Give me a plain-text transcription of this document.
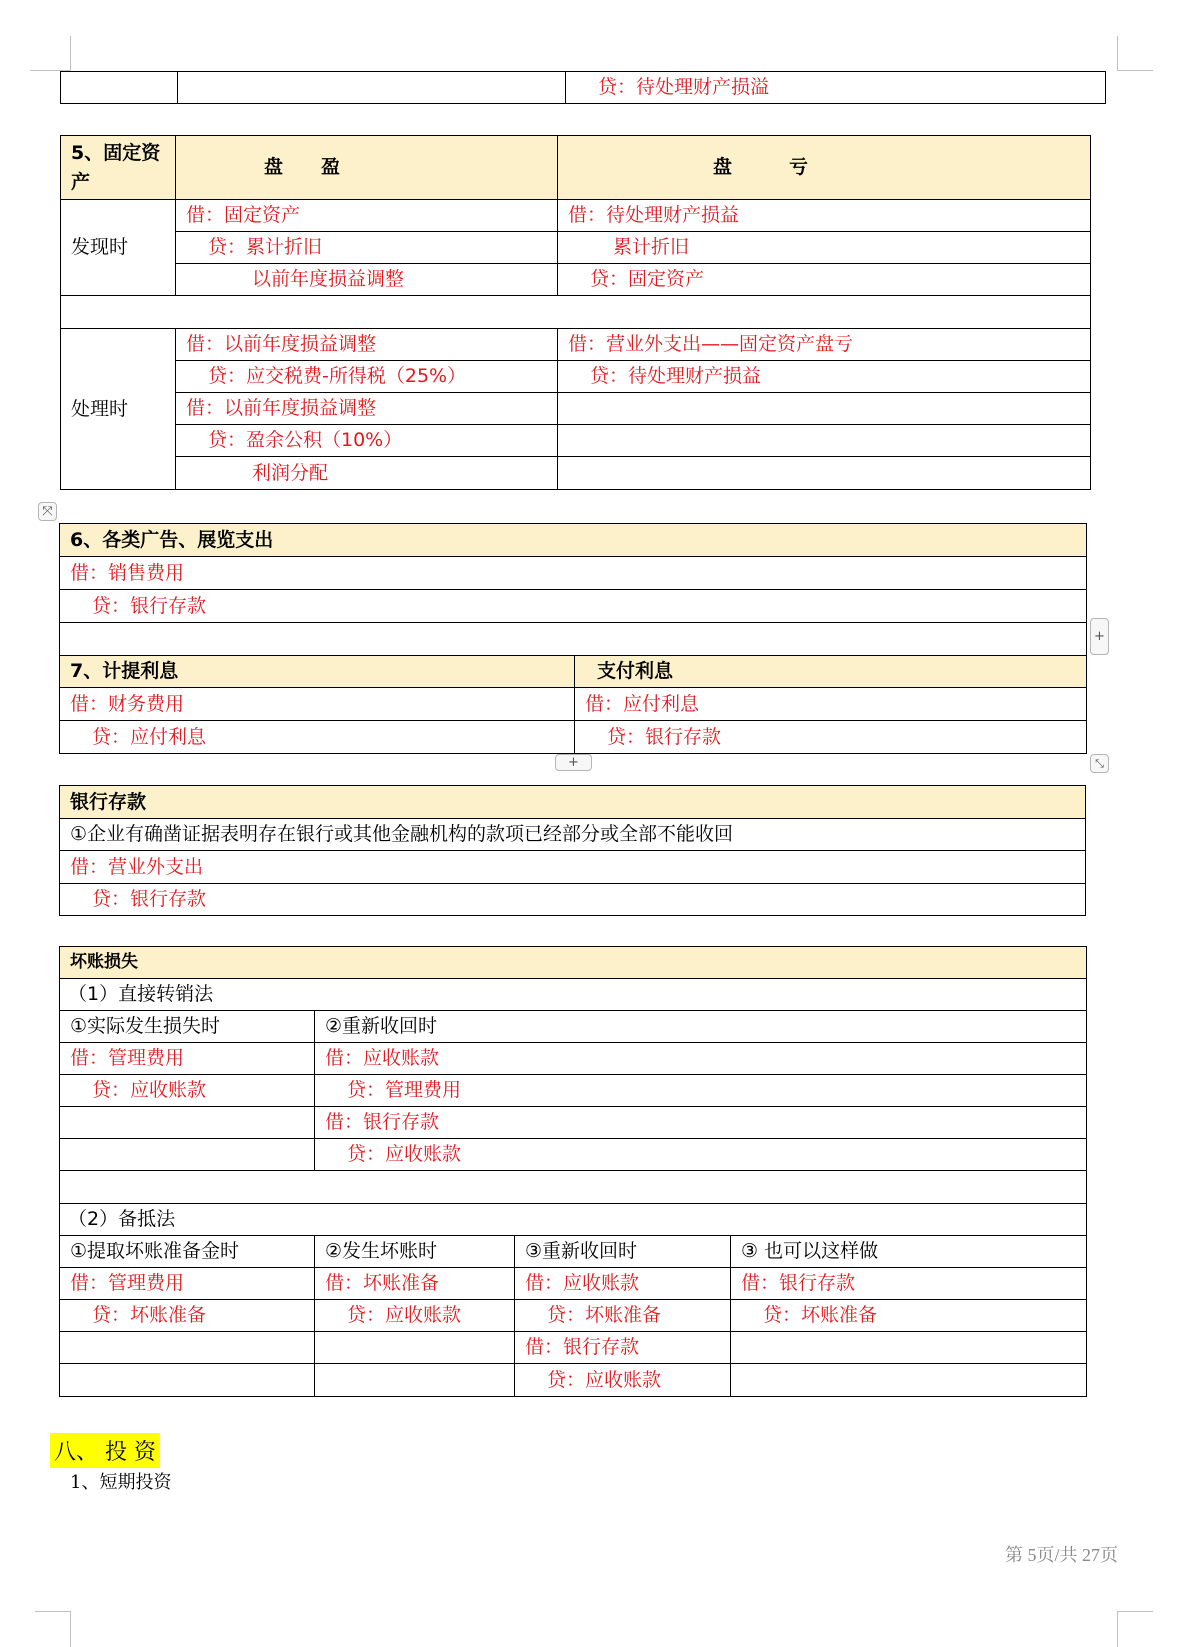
		贷：待处理财产损溢
5、固定资产	盘　　盈	盘　　　亏
发现时	借：固定资产	借：待处理财产损益
	贷：累计折旧	累计折旧
	以前年度损益调整	贷：固定资产

处理时	借：以前年度损益调整	借：营业外支出——固定资产盘亏
	贷：应交税费-所得税（25%）	贷：待处理财产损益
	借：以前年度损益调整	
	贷：盈余公积（10%）	
	利润分配	
⤧
6、各类广告、展览支出	
借：销售费用	
贷：银行存款	

7、计提利息	支付利息
借：财务费用	借：应付利息
贷：应付利息	贷：银行存款
+
+	⤡
银行存款
①企业有确凿证据表明存在银行或其他金融机构的款项已经部分或全部不能收回
借：营业外支出
贷：银行存款
坏账损失			
（1）直接转销法			
①实际发生损失时	②重新收回时		
借：管理费用	借：应收账款		
贷：应收账款	贷：管理费用		
	借：银行存款		
	贷：应收账款		

（2）备抵法			
①提取坏账准备金时	②发生坏账时	③重新收回时	③ 也可以这样做
借：管理费用	借：坏账准备	借：应收账款	借：银行存款
贷：坏账准备	贷：应收账款	贷：坏账准备	贷：坏账准备
		借：银行存款	
		贷：应收账款	
八、 投 资
1、短期投资
第 5页/共 27页
